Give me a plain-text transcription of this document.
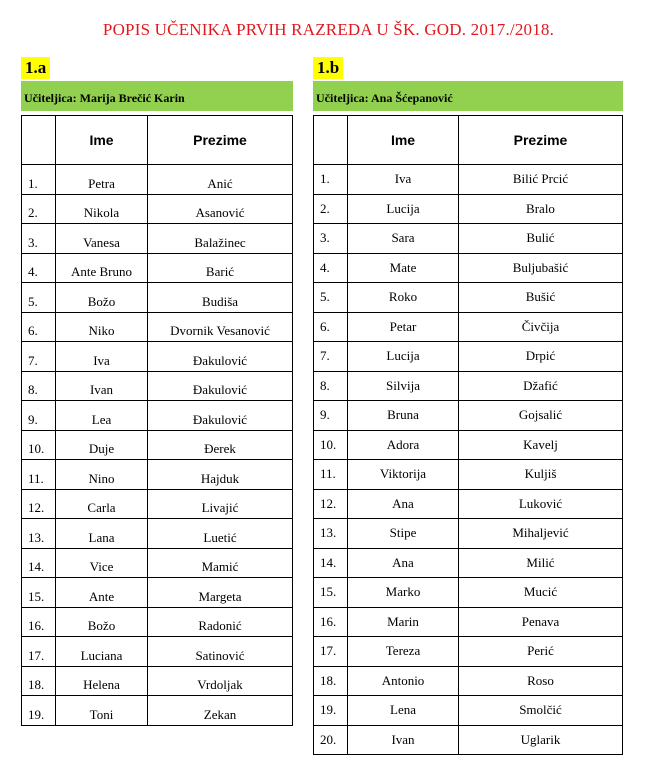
POPIS UČENIKA PRVIH RAZREDA U ŠK. GOD. 2017./2018.
1.a
Učiteljica: Marija Brečić Karin
	Ime	Prezime
1.	Petra	Anić
2.	Nikola	Asanović
3.	Vanesa	Balažinec
4.	Ante Bruno	Barić
5.	Božo	Budiša
6.	Niko	Dvornik Vesanović
7.	Iva	Đakulović
8.	Ivan	Đakulović
9.	Lea	Đakulović
10.	Duje	Đerek
11.	Nino	Hajduk
12.	Carla	Livajić
13.	Lana	Luetić
14.	Vice	Mamić
15.	Ante	Margeta
16.	Božo	Radonić
17.	Luciana	Satinović
18.	Helena	Vrdoljak
19.	Toni	Zekan
1.b
Učiteljica: Ana Šćepanović
	Ime	Prezime
1.	Iva	Bilić Prcić
2.	Lucija	Bralo
3.	Sara	Bulić
4.	Mate	Buljubašić
5.	Roko	Bušić
6.	Petar	Čivčija
7.	Lucija	Drpić
8.	Silvija	Džafić
9.	Bruna	Gojsalić
10.	Adora	Kavelj
11.	Viktorija	Kuljiš
12.	Ana	Luković
13.	Stipe	Mihaljević
14.	Ana	Milić
15.	Marko	Mucić
16.	Marin	Penava
17.	Tereza	Perić
18.	Antonio	Roso
19.	Lena	Smolčić
20.	Ivan	Uglarik
